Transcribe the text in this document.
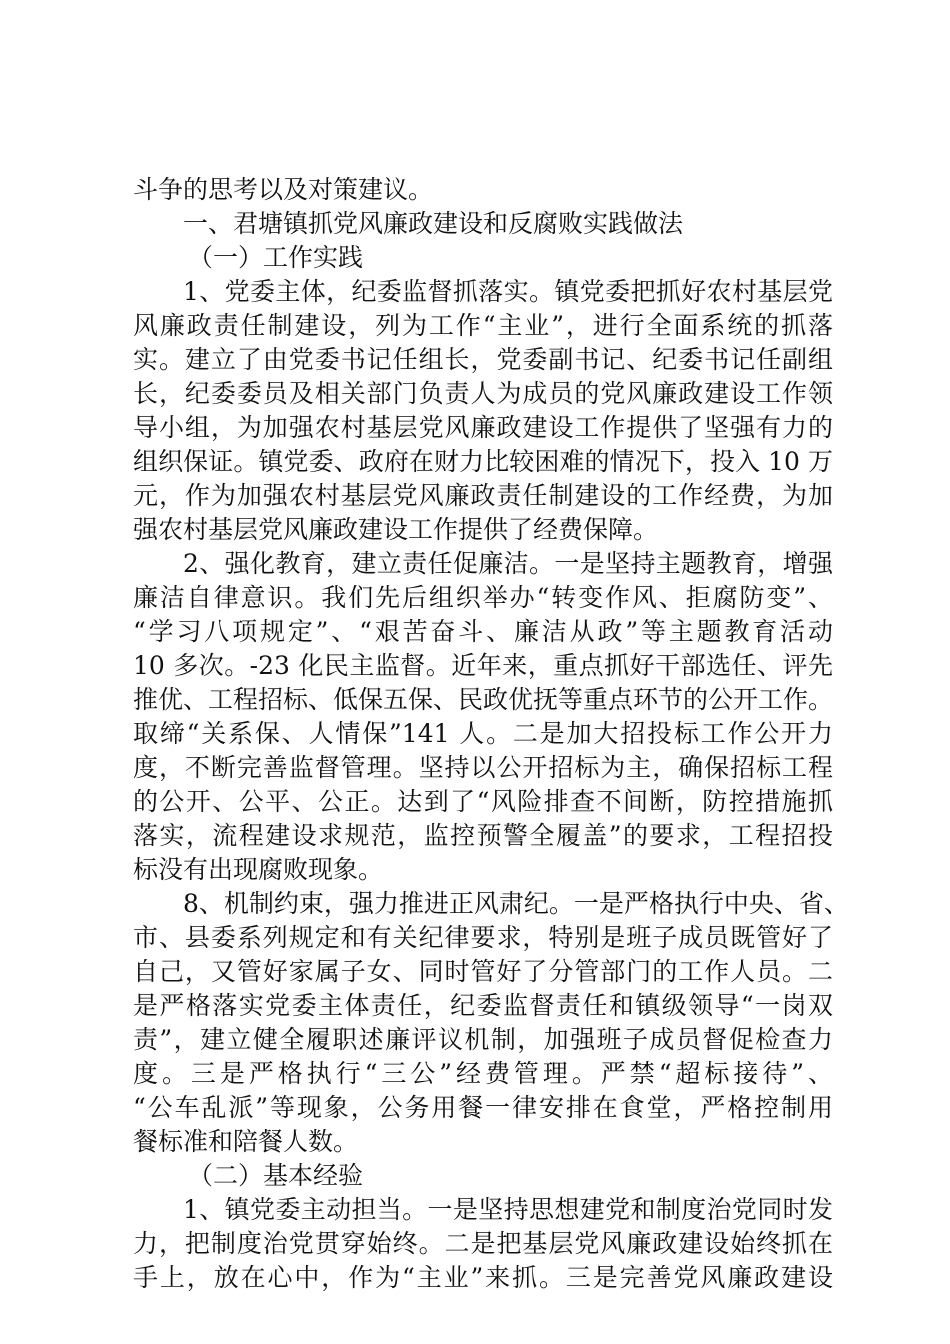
斗争的思考以及对策建议。
一、君塘镇抓党风廉政建设和反腐败实践做法
（一）工作实践
1、党委主体，纪委监督抓落实。镇党委把抓好农村基层党
风廉政责任制建设，列为工作“主业”，进行全面系统的抓落
实。建立了由党委书记任组长，党委副书记、纪委书记任副组
长，纪委委员及相关部门负责人为成员的党风廉政建设工作领
导小组，为加强农村基层党风廉政建设工作提供了坚强有力的
组织保证。镇党委、政府在财力比较困难的情况下，投入 10 万
元，作为加强农村基层党风廉政责任制建设的工作经费，为加
强农村基层党风廉政建设工作提供了经费保障。
2、强化教育，建立责任促廉洁。一是坚持主题教育，增强
廉洁自律意识。我们先后组织举办“转变作风、拒腐防变”、
“学习八项规定”、“艰苦奋斗、廉洁从政”等主题教育活动
10 多次。-23 化民主监督。近年来，重点抓好干部选任、评先
推优、工程招标、低保五保、民政优抚等重点环节的公开工作。
取缔“关系保、人情保”141 人。二是加大招投标工作公开力
度，不断完善监督管理。坚持以公开招标为主，确保招标工程
的公开、公平、公正。达到了“风险排查不间断，防控措施抓
落实，流程建设求规范，监控预警全履盖”的要求，工程招投
标没有出现腐败现象。
8、机制约束，强力推进正风肃纪。一是严格执行中央、省、
市、县委系列规定和有关纪律要求，特别是班子成员既管好了
自己，又管好家属子女、同时管好了分管部门的工作人员。二
是严格落实党委主体责任，纪委监督责任和镇级领导“一岗双
责”，建立健全履职述廉评议机制，加强班子成员督促检查力
度。三是严格执行“三公”经费管理。严禁“超标接待”、
“公车乱派”等现象，公务用餐一律安排在食堂，严格控制用
餐标准和陪餐人数。
（二）基本经验
1、镇党委主动担当。一是坚持思想建党和制度治党同时发
力，把制度治党贯穿始终。二是把基层党风廉政建设始终抓在
手上，放在心中，作为“主业”来抓。三是完善党风廉政建设
